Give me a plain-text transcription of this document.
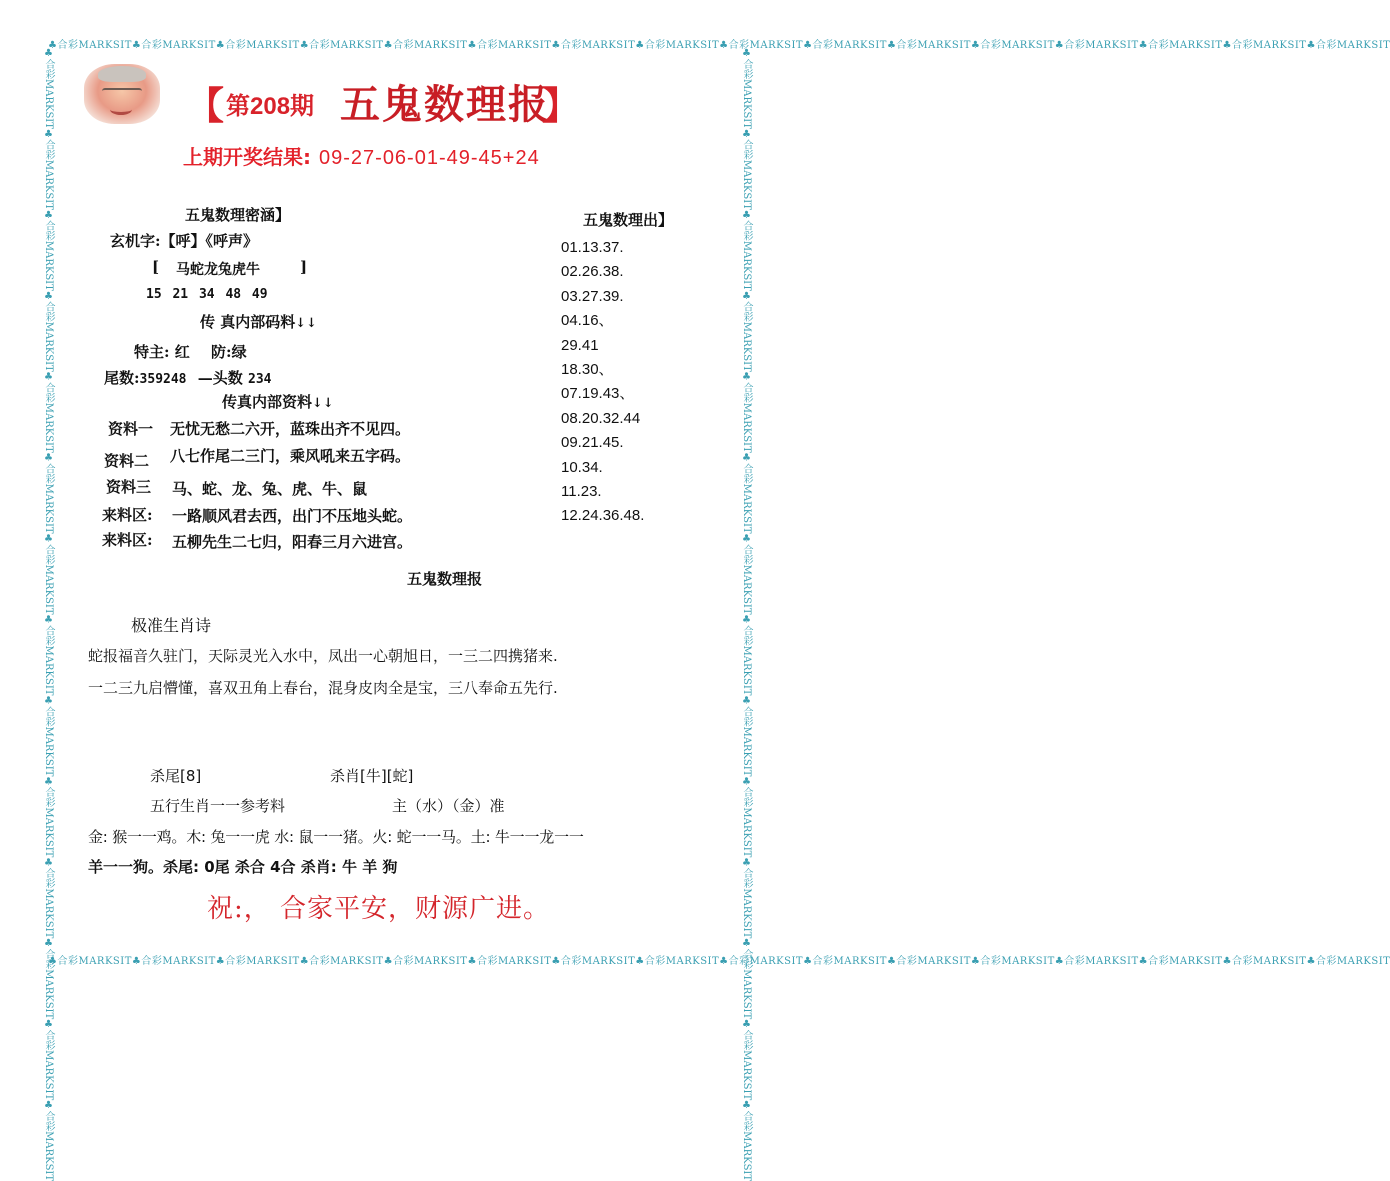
♣合彩MARKSIT♣合彩MARKSIT♣合彩MARKSIT♣合彩MARKSIT♣合彩MARKSIT♣合彩MARKSIT♣合彩MARKSIT♣合彩MARKSIT♣合彩MARKSIT♣合彩MARKSIT♣合彩MARKSIT♣合彩MARKSIT♣合彩MARKSIT♣合彩MARKSIT♣合彩MARKSIT♣合彩MARKSIT
♣合彩MARKSIT♣合彩MARKSIT♣合彩MARKSIT♣合彩MARKSIT♣合彩MARKSIT♣合彩MARKSIT♣合彩MARKSIT♣合彩MARKSIT♣合彩MARKSIT♣合彩MARKSIT♣合彩MARKSIT♣合彩MARKSIT♣合彩MARKSIT♣合彩MARKSIT♣合彩MARKSIT♣合彩MARKSIT
♣合彩MARKSIT♣合彩MARKSIT♣合彩MARKSIT♣合彩MARKSIT♣合彩MARKSIT♣合彩MARKSIT♣合彩MARKSIT♣合彩MARKSIT♣合彩MARKSIT♣合彩MARKSIT♣合彩MARKSIT♣合彩MARKSIT♣合彩MARKSIT♣合彩MARKSIT	♣合彩MARKSIT♣合彩MARKSIT♣合彩MARKSIT♣合彩MARKSIT♣合彩MARKSIT♣合彩MARKSIT♣合彩MARKSIT♣合彩MARKSIT♣合彩MARKSIT♣合彩MARKSIT♣合彩MARKSIT♣合彩MARKSIT♣合彩MARKSIT♣合彩MARKSIT
【 第208期 五鬼数理报
】
上期开奖结果: 09-27-06-01-49-45+24
五鬼数理密涵】
玄机字:【呼】《呼声》
[ 马蛇龙兔虎牛	]
15 21 34 48 49
传 真内部码料↓↓
特主: 红 防:绿
尾数:359248 —头数 234
传真内部资料↓↓
资料一 无忧无愁二六开，蓝珠出齐不见四。
资料二 八七作尾二三门，乘风吼来五字码。
资料三 马、蛇、龙、兔、虎、牛、鼠
来料区: 一路顺风君去西，出门不压地头蛇。
来料区: 五柳先生二七归，阳春三月六进宫。
五鬼数理出】
01.13.37.
02.26.38.
03.27.39.
04.16、
29.41
18.30、
07.19.43、
08.20.32.44
09.21.45.
10.34.
11.23.
12.24.36.48.
五鬼数理报
极准生肖诗
蛇报福音久驻门，天际灵光入水中，凤出一心朝旭日，一三二四携猪来.
一二三九启懵懂，喜双丑角上春台，混身皮肉全是宝，三八奉命五先行.
杀尾[8]	杀肖[牛][蛇]
五行生肖一一参考料	主（水）（金）准
金: 猴一一鸡。木: 兔一一虎 水: 鼠一一猪。火: 蛇一一马。土: 牛一一龙一一
羊一一狗。杀尾: 0尾 杀合 4合 杀肖: 牛 羊 狗
祝:， 合家平安，财源广进。
